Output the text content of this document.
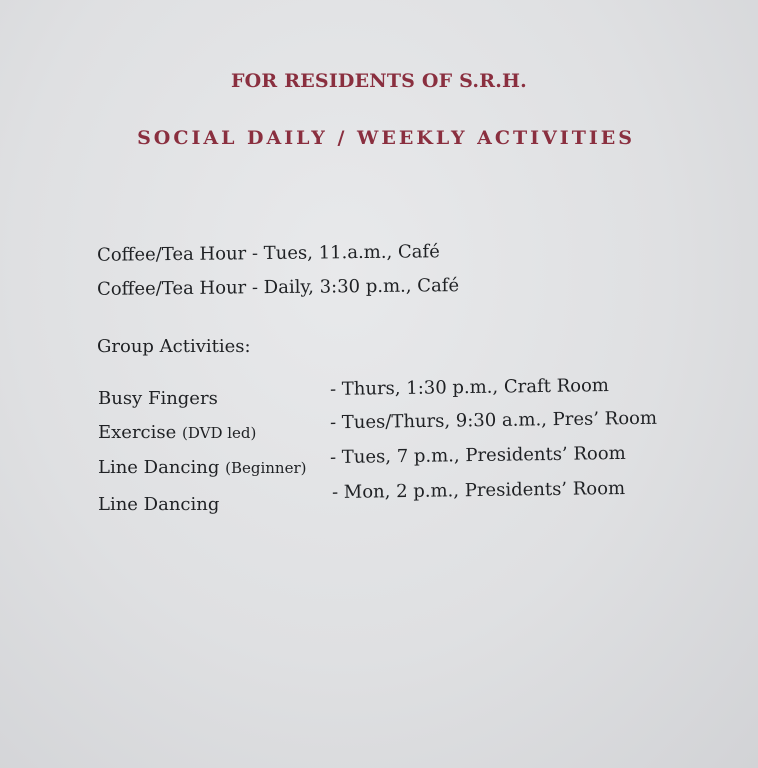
FOR RESIDENTS OF S.R.H.
SOCIAL DAILY / WEEKLY ACTIVITIES
Coffee/Tea Hour - Tues, 11.a.m., Café
Coffee/Tea Hour - Daily, 3:30 p.m., Café
Group Activities:
Busy Fingers	- Thurs, 1:30 p.m., Craft Room
Exercise (DVD led)	- Tues/Thurs, 9:30 a.m., Pres’ Room
Line Dancing (Beginner) - Tues, 7 p.m., Presidents’ Room
Line Dancing
- Mon, 2 p.m., Presidents’ Room
